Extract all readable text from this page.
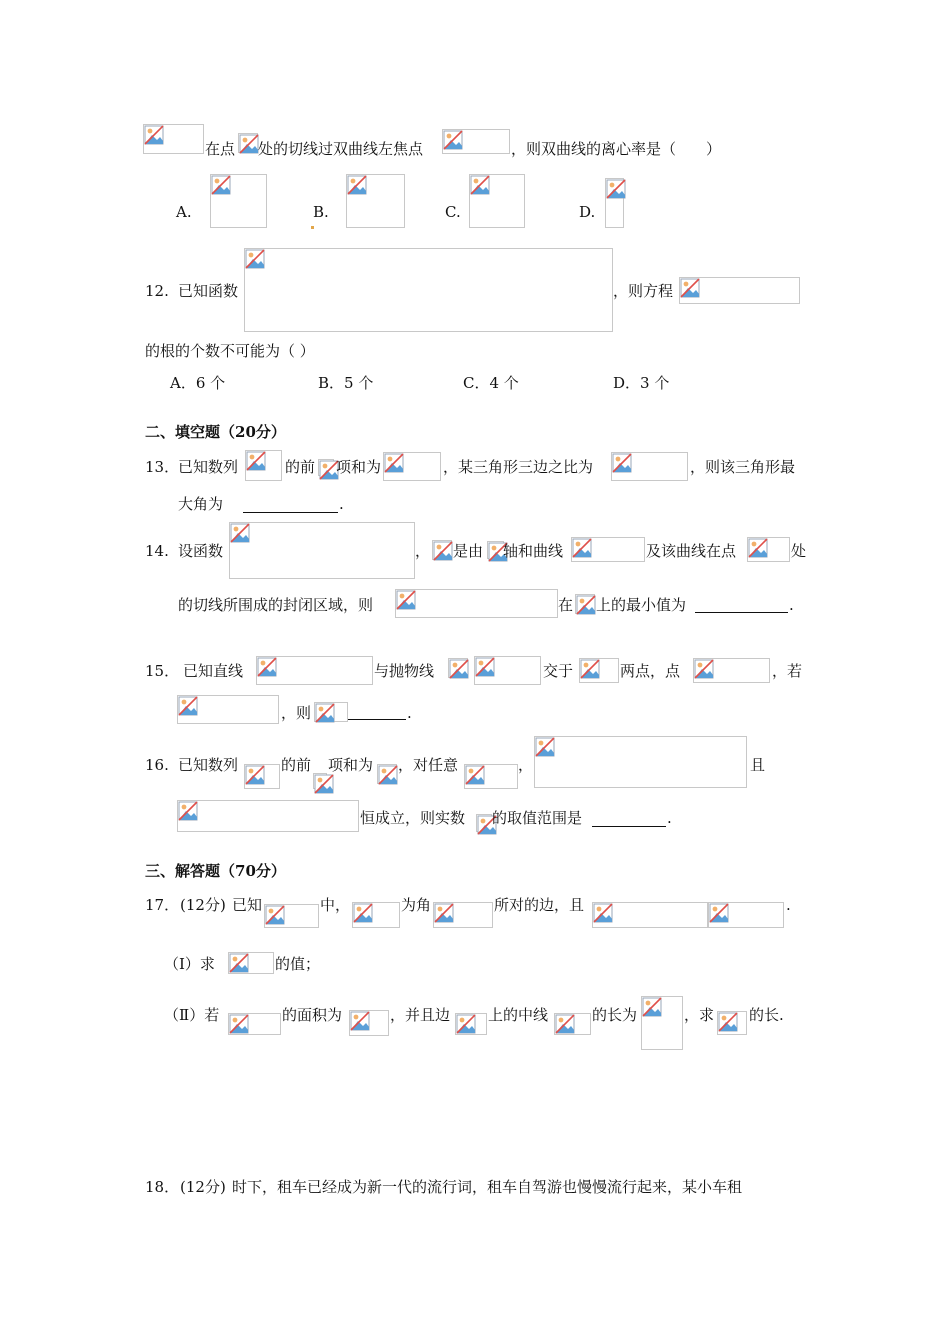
在点 处的切线过双曲线左焦点	，则双曲线的离心率是（　　）
A.	B.	C.	D.
12. 已知函数	，则方程
的根的个数不可能为（ ）
A．6 个	B．5 个	C．4 个	D．3 个
二、填空题（20分）
13．
已知数列	的前 项和为	，某三角形三边之比为	，则该三角形最
大角为	.
14. 设函数	， 是由 轴和曲线	及该曲线在点	处
的切线所围成的封闭区域，则	在 上的最小值为	.
15． 已知直线	与抛物线	交于	两点，点	，若
，则	.
16. 已知数列	的前 项和为 ，对任意	，	且
恒成立，则实数 的取值范围是	.
三、解答题（70分）
17． (12分) 已知	中，	为角	所对的边，且	.
（Ⅰ）求	的值；
（Ⅱ）若	的面积为	，并且边	上的中线	的长为	，求 的长.
18． (12分) 时下，租车已经成为新一代的流行词，租车自驾游也慢慢流行起来，某小车租
